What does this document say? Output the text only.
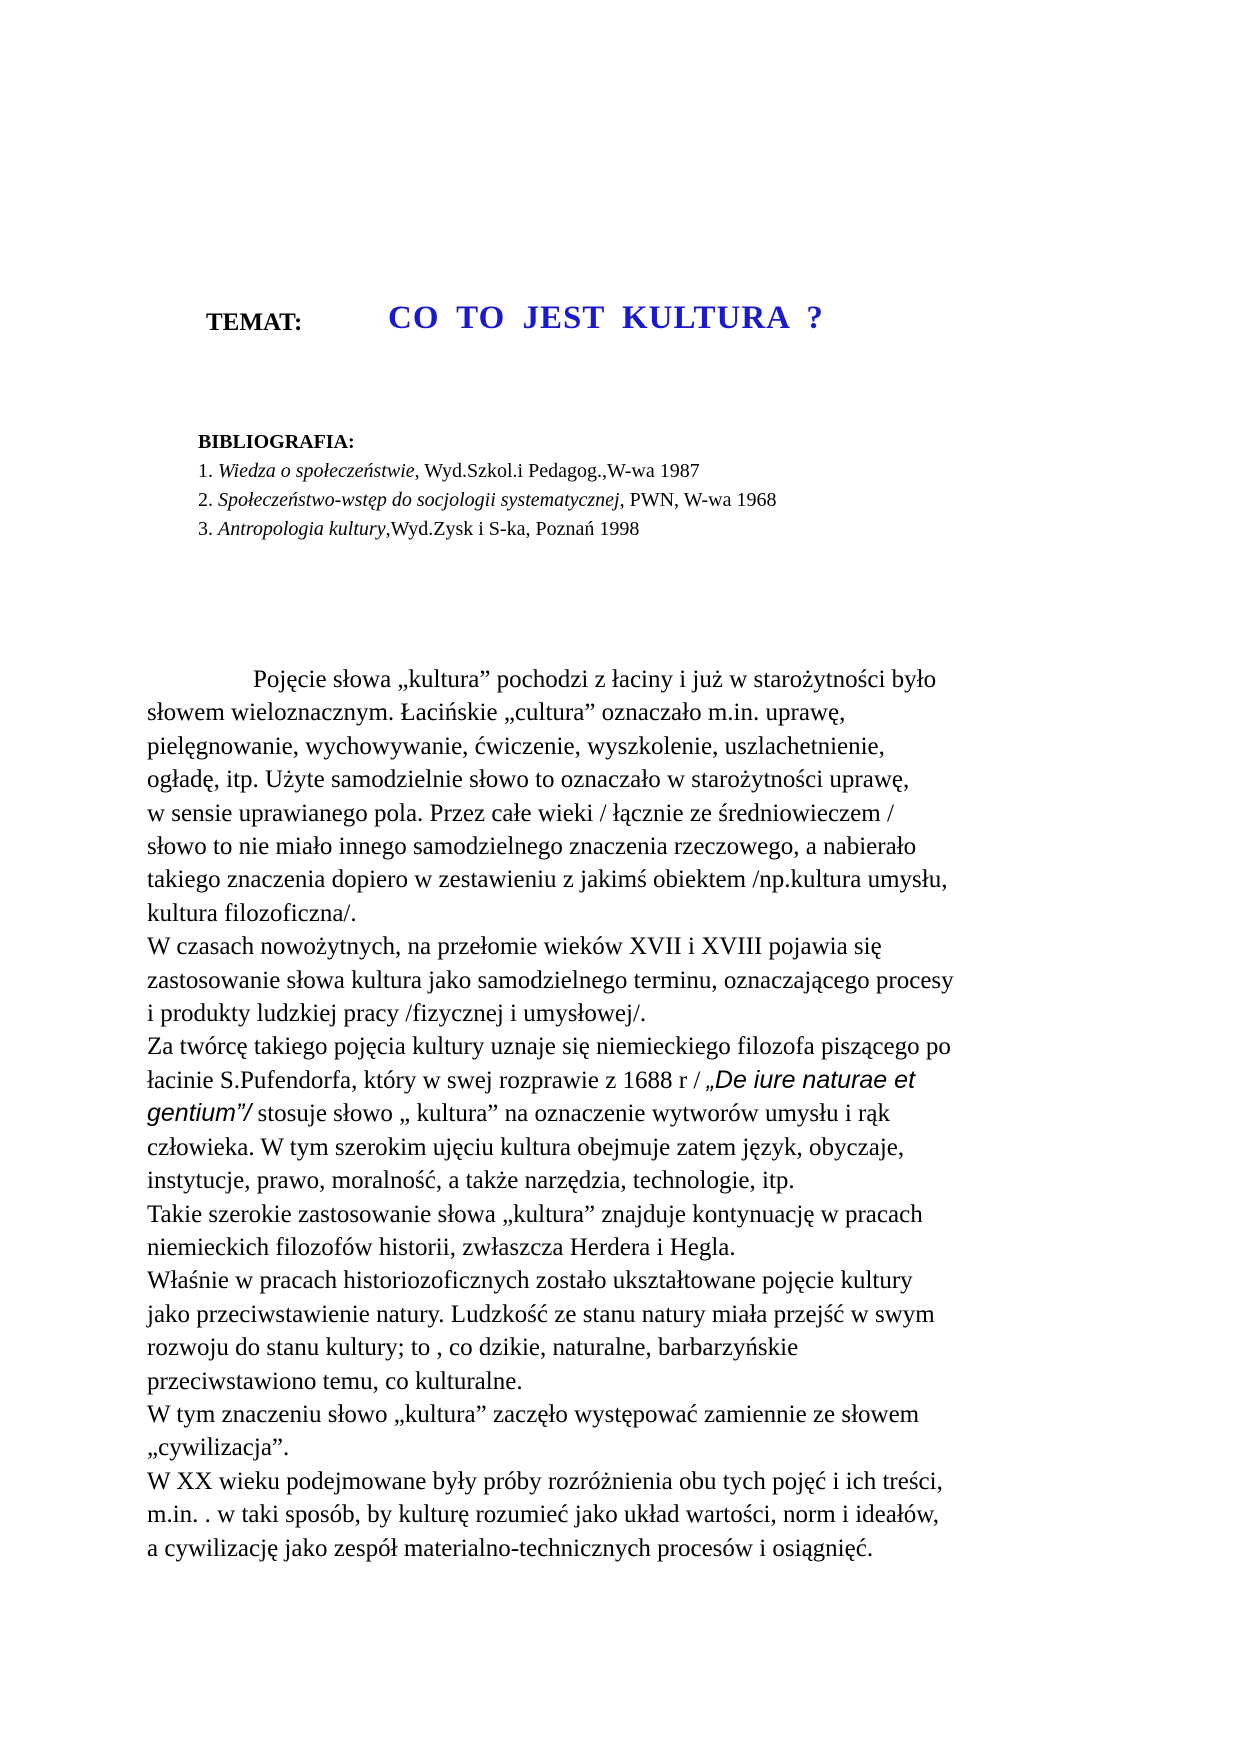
TEMAT:	CO TO JEST KULTURA ?
BIBLIOGRAFIA:
1. Wiedza o społeczeństwie, Wyd.Szkol.i Pedagog.,W-wa 1987
2. Społeczeństwo-wstęp do socjologii systematycznej, PWN, W-wa 1968
3. Antropologia kultury,Wyd.Zysk i S-ka, Poznań 1998
Pojęcie słowa „kultura” pochodzi z łaciny i już w starożytności było
słowem wieloznacznym. Łacińskie „cultura” oznaczało m.in. uprawę,
pielęgnowanie, wychowywanie, ćwiczenie, wyszkolenie, uszlachetnienie,
ogładę, itp. Użyte samodzielnie słowo to oznaczało w starożytności uprawę,
w sensie uprawianego pola. Przez całe wieki / łącznie ze średniowieczem /
słowo to nie miało innego samodzielnego znaczenia rzeczowego, a nabierało
takiego znaczenia dopiero w zestawieniu z jakimś obiektem /np.kultura umysłu,
kultura filozoficzna/.
W czasach nowożytnych, na przełomie wieków XVII i XVIII pojawia się
zastosowanie słowa kultura jako samodzielnego terminu, oznaczającego procesy
i produkty ludzkiej pracy /fizycznej i umysłowej/.
Za twórcę takiego pojęcia kultury uznaje się niemieckiego filozofa piszącego po
łacinie S.Pufendorfa, który w swej rozprawie z 1688 r / „De iure naturae et
gentium”/ stosuje słowo „ kultura” na oznaczenie wytworów umysłu i rąk
człowieka. W tym szerokim ujęciu kultura obejmuje zatem język, obyczaje,
instytucje, prawo, moralność, a także narzędzia, technologie, itp.
Takie szerokie zastosowanie słowa „kultura” znajduje kontynuację w pracach
niemieckich filozofów historii, zwłaszcza Herdera i Hegla.
Właśnie w pracach historiozoficznych zostało ukształtowane pojęcie kultury
jako przeciwstawienie natury. Ludzkość ze stanu natury miała przejść w swym
rozwoju do stanu kultury; to , co dzikie, naturalne, barbarzyńskie
przeciwstawiono temu, co kulturalne.
W tym znaczeniu słowo „kultura” zaczęło występować zamiennie ze słowem
„cywilizacja”.
W XX wieku podejmowane były próby rozróżnienia obu tych pojęć i ich treści,
m.in. . w taki sposób, by kulturę rozumieć jako układ wartości, norm i ideałów,
a cywilizację jako zespół materialno-technicznych procesów i osiągnięć.
